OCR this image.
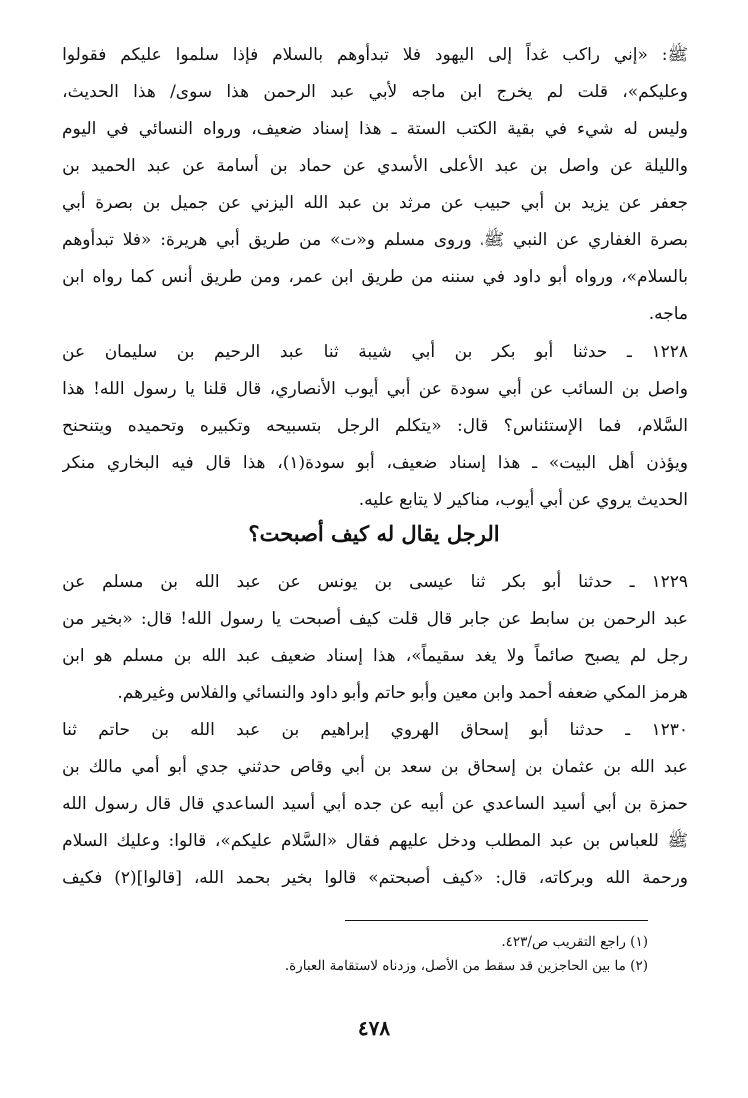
ﷺ:
«إني
راكب
غداً
إلى
اليهود
فلا
تبدأوهم
بالسلام
فإذا
سلموا
عليكم
فقولوا
وعليكم»،
قلت
لم
يخرج
ابن
ماجه
لأبي
عبد
الرحمن
هذا
سوى/
هذا
الحديث،
وليس
له
شيء
في
بقية
الكتب
الستة
ـ
هذا
إسناد
ضعيف،
ورواه
النسائي
في
اليوم
والليلة
عن
واصل
بن
عبد
الأعلى
الأسدي
عن
حماد
بن
أسامة
عن
عبد
الحميد
بن
جعفر
عن
يزيد
بن
أبي
حبيب
عن
مرثد
بن
عبد
الله
اليزني
عن
جميل
بن
بصرة
أبي
بصرة
الغفاري
عن
النبي
ﷺ،
وروى
مسلم
و«ت»
من
طريق
أبي
هريرة:
«فلا
تبدأوهم
بالسلام»،
ورواه
أبو
داود
في
سننه
من
طريق
ابن
عمر،
ومن
طريق
أنس
كما
رواه
ابن
ماجه.
١٢٢٨
ـ
حدثنا
أبو
بكر
بن
أبي
شيبة
ثنا
عبد
الرحيم
بن
سليمان
عن
واصل
بن
السائب
عن
أبي
سودة
عن
أبي
أيوب
الأنصاري،
قال
قلنا
يا
رسول
الله!
هذا
السَّلام،
فما
الإستئناس؟
قال:
«يتكلم
الرجل
بتسبيحه
وتكبيره
وتحميده
ويتنحنح
ويؤذن
أهل
البيت»
ـ
هذا
إسناد
ضعيف،
أبو
سودة(١)،
هذا
قال
فيه
البخاري
منكر
الحديث
يروي
عن
أبي
أيوب،
مناكير
لا
يتابع
عليه.
الرجل يقال له كيف أصبحت؟
١٢٢٩
ـ
حدثنا
أبو
بكر
ثنا
عيسى
بن
يونس
عن
عبد
الله
بن
مسلم
عن
عبد
الرحمن
بن
سابط
عن
جابر
قال
قلت
كيف
أصبحت
يا
رسول
الله!
قال:
«بخير
من
رجل
لم
يصبح
صائماً
ولا
يغد
سقيماً»،
هذا
إسناد
ضعيف
عبد
الله
بن
مسلم
هو
ابن
هرمز
المكي
ضعفه
أحمد
وابن
معين
وأبو
حاتم
وأبو
داود
والنسائي
والفلاس
وغيرهم.
١٢٣٠
ـ
حدثنا
أبو
إسحاق
الهروي
إبراهيم
بن
عبد
الله
بن
حاتم
ثنا
عبد
الله
بن
عثمان
بن
إسحاق
بن
سعد
بن
أبي
وقاص
حدثني
جدي
أبو
أمي
مالك
بن
حمزة
بن
أبي
أسيد
الساعدي
عن
أبيه
عن
جده
أبي
أسيد
الساعدي
قال
قال
رسول
الله
ﷺ
للعباس
بن
عبد
المطلب
ودخل
عليهم
فقال
«السَّلام
عليكم»،
قالوا:
وعليك
السلام
ورحمة
الله
وبركاته،
قال:
«كيف
أصبحتم»
قالوا
بخير
بحمد
الله،
[قالوا](٢)
فكيف
(١) راجع التقريب ص/٤٢٣.
(٢) ما بين الحاجزين قد سقط من الأصل، وزدناه لاستقامة العبارة.
٤٧٨
